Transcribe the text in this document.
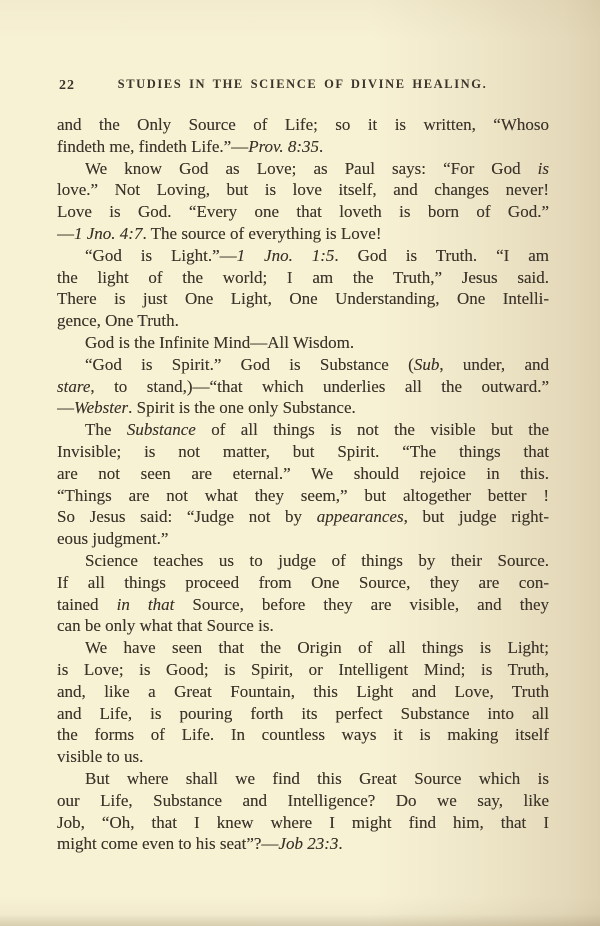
22	STUDIES IN THE SCIENCE OF DIVINE HEALING.

and the Only Source of Life; so it is written, “Whoso
findeth me, findeth Life.”—Prov. 8:35.

We know God as Love; as Paul says: “For God is
love.” Not Loving, but is love itself, and changes never!
Love is God. “Every one that loveth is born of God.”
—1 Jno. 4:7. The source of everything is Love!

“God is Light.”—1 Jno. 1:5. God is Truth. “I am
the light of the world; I am the Truth,” Jesus said.
There is just One Light, One Understanding, One Intelli-
gence, One Truth.

God is the Infinite Mind—All Wisdom.

“God is Spirit.” God is Substance (Sub, under, and
stare, to stand,)—“that which underlies all the outward.”
—Webster. Spirit is the one only Substance.

The Substance of all things is not the visible but the
Invisible; is not matter, but Spirit. “The things that
are not seen are eternal.” We should rejoice in this.
“Things are not what they seem,” but altogether better !
So Jesus said: “Judge not by appearances, but judge right-
eous judgment.”

Science teaches us to judge of things by their Source.
If all things proceed from One Source, they are con-
tained in that Source, before they are visible, and they
can be only what that Source is.

We have seen that the Origin of all things is Light;
is Love; is Good; is Spirit, or Intelligent Mind; is Truth,
and, like a Great Fountain, this Light and Love, Truth
and Life, is pouring forth its perfect Substance into all
the forms of Life. In countless ways it is making itself
visible to us.

But where shall we find this Great Source which is
our Life, Substance and Intelligence? Do we say, like
Job, “Oh, that I knew where I might find him, that I
might come even to his seat”?—Job 23:3.
